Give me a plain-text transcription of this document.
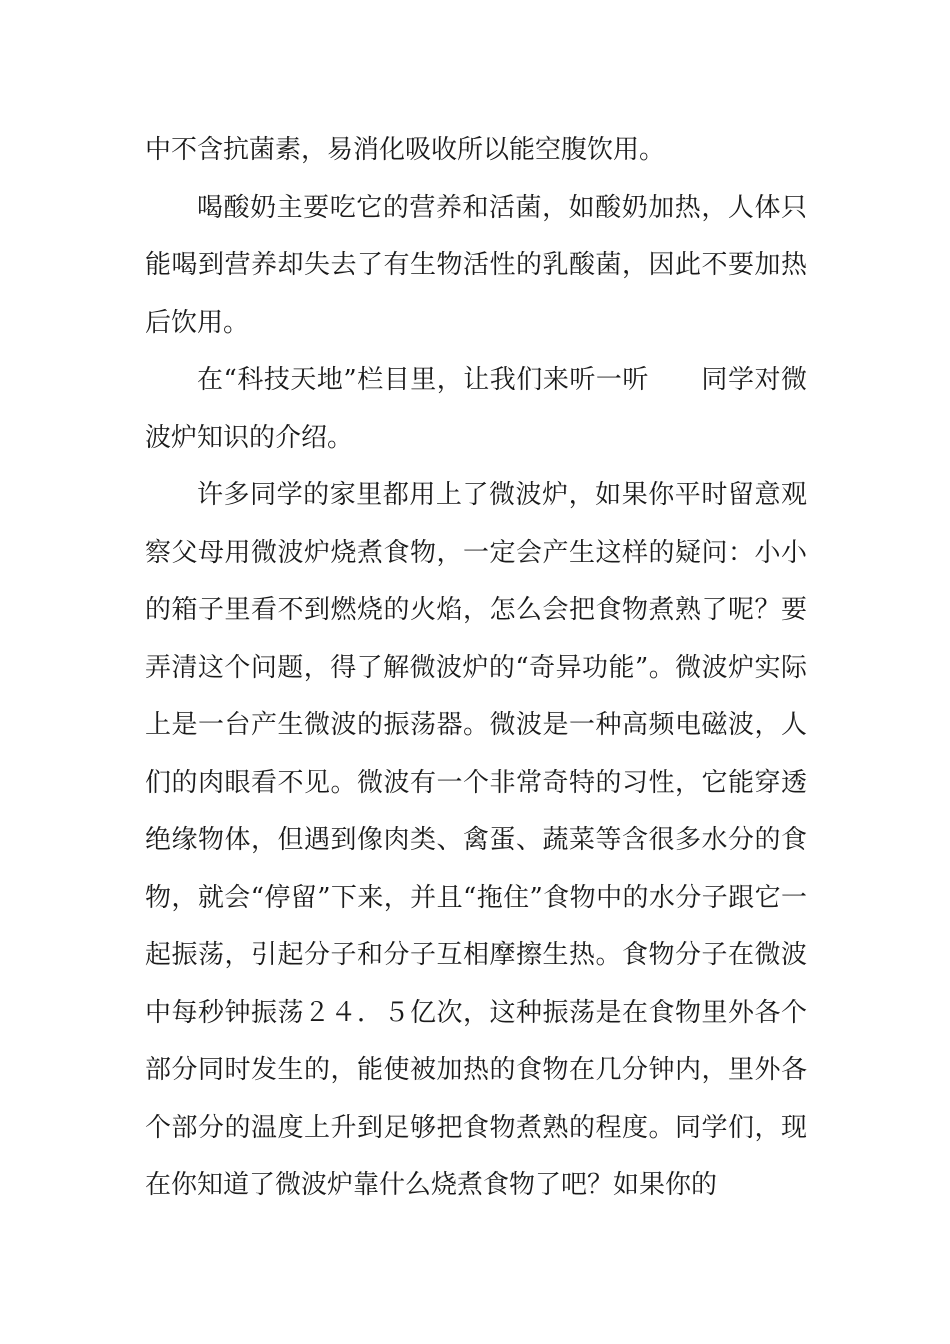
中不含抗菌素，易消化吸收所以能空腹饮用。

喝酸奶主要吃它的营养和活菌，如酸奶加热，人体只能喝到营养却失去了有生物活性的乳酸菌，因此不要加热后饮用。

在“科技天地”栏目里，让我们来听一听 同学对微波炉知识的介绍。

许多同学的家里都用上了微波炉，如果你平时留意观察父母用微波炉烧煮食物，一定会产生这样的疑问：小小的箱子里看不到燃烧的火焰，怎么会把食物煮熟了呢？要弄清这个问题，得了解微波炉的“奇异功能”。微波炉实际上是一台产生微波的振荡器。微波是一种高频电磁波，人们的肉眼看不见。微波有一个非常奇特的习性，它能穿透绝缘物体，但遇到像肉类、禽蛋、蔬菜等含很多水分的食物，就会“停留”下来，并且“拖住”食物中的水分子跟它一起振荡，引起分子和分子互相摩擦生热。食物分子在微波中每秒钟振荡２４．５亿次，这种振荡是在食物里外各个部分同时发生的，能使被加热的食物在几分钟内，里外各个部分的温度上升到足够把食物煮熟的程度。同学们，现在你知道了微波炉靠什么烧煮食物了吧？如果你的
